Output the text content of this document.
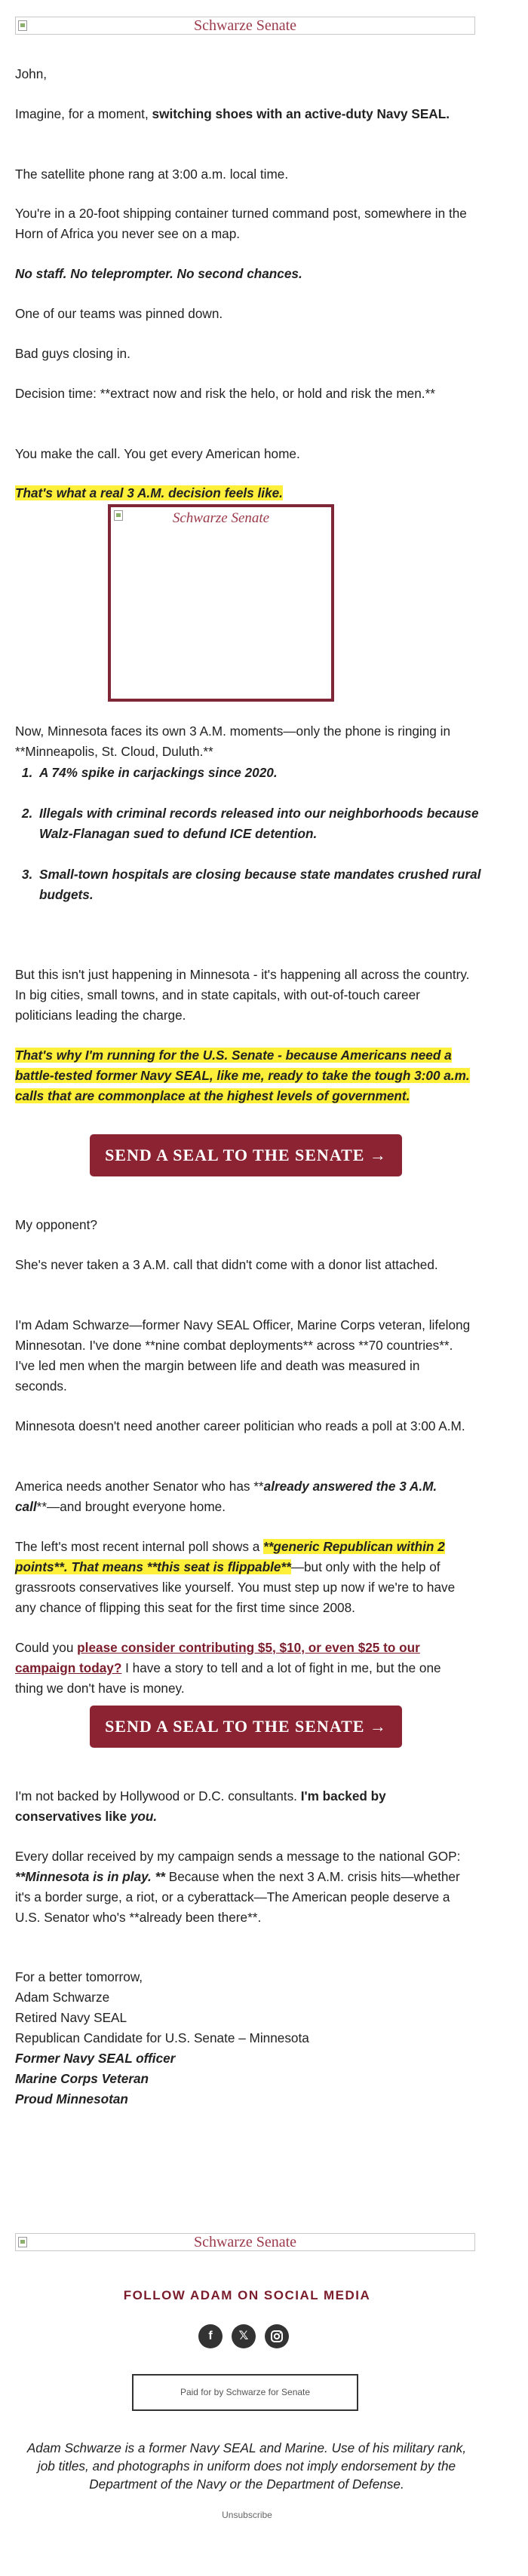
Schwarze Senate

John,

Imagine, for a moment, switching shoes with an active-duty Navy SEAL.

The satellite phone rang at 3:00 a.m. local time.

You're in a 20-foot shipping container turned command post, somewhere in the Horn of Africa you never see on a map.

No staff. No teleprompter. No second chances.

One of our teams was pinned down.

Bad guys closing in.

Decision time: **extract now and risk the helo, or hold and risk the men.**

You make the call. You get every American home.

That's what a real 3 A.M. decision feels like.

Schwarze Senate

Now, Minnesota faces its own 3 A.M. moments—only the phone is ringing in **Minneapolis, St. Cloud, Duluth.**

1. A 74% spike in carjackings since 2020.
2. Illegals with criminal records released into our neighborhoods because Walz-Flanagan sued to defund ICE detention.
3. Small-town hospitals are closing because state mandates crushed rural budgets.

But this isn't just happening in Minnesota - it's happening all across the country. In big cities, small towns, and in state capitals, with out-of-touch career politicians leading the charge.

That's why I'm running for the U.S. Senate - because Americans need a battle-tested former Navy SEAL, like me, ready to take the tough 3:00 a.m. calls that are commonplace at the highest levels of government.

SEND A SEAL TO THE SENATE →

My opponent?

She's never taken a 3 A.M. call that didn't come with a donor list attached.

I'm Adam Schwarze—former Navy SEAL Officer, Marine Corps veteran, lifelong Minnesotan. I've done **nine combat deployments** across **70 countries**. I've led men when the margin between life and death was measured in seconds.

Minnesota doesn't need another career politician who reads a poll at 3:00 A.M.

America needs another Senator who has **already answered the 3 A.M. call**—and brought everyone home.

The left's most recent internal poll shows a **generic Republican within 2 points**. That means **this seat is flippable**—but only with the help of grassroots conservatives like yourself. You must step up now if we're to have any chance of flipping this seat for the first time since 2008.

Could you please consider contributing $5, $10, or even $25 to our campaign today? I have a story to tell and a lot of fight in me, but the one thing we don't have is money.

SEND A SEAL TO THE SENATE →

I'm not backed by Hollywood or D.C. consultants. I'm backed by conservatives like you.

Every dollar received by my campaign sends a message to the national GOP: **Minnesota is in play. ** Because when the next 3 A.M. crisis hits—whether it's a border surge, a riot, or a cyberattack—The American people deserve a U.S. Senator who's **already been there**.

For a better tomorrow,
Adam Schwarze
Retired Navy SEAL
Republican Candidate for U.S. Senate – Minnesota
Former Navy SEAL officer
Marine Corps Veteran
Proud Minnesotan

Schwarze Senate
FOLLOW ADAM ON SOCIAL MEDIA
f	𝕏
Paid for by Schwarze for Senate
Adam Schwarze is a former Navy SEAL and Marine. Use of his military rank, job titles, and photographs in uniform does not imply endorsement by the Department of the Navy or the Department of Defense.
Unsubscribe
